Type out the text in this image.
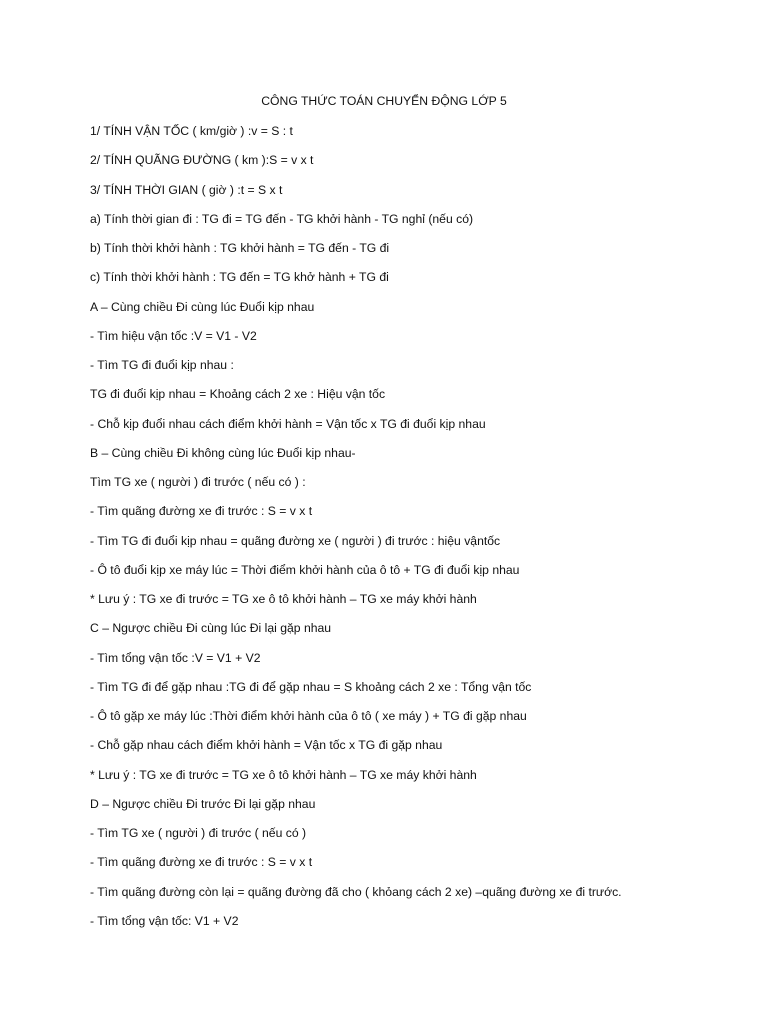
CÔNG THỨC TOÁN CHUYỂN ĐỘNG LỚP 5
1/ TÍNH VẬN TỐC ( km/giờ ) :v = S : t
2/ TÍNH QUÃNG ĐƯỜNG ( km ):S = v x t
3/ TÍNH THỜI GIAN ( giờ ) :t = S x t
a) Tính thời gian đi : TG đi = TG đến - TG khởi hành - TG nghỉ (nếu có)
b) Tính thời khởi hành : TG khởi hành = TG đến - TG đi
c) Tính thời khởi hành : TG đến = TG khở hành + TG đi
A – Cùng chiều Đi cùng lúc Đuổi kịp nhau
- Tìm hiệu vận tốc :V = V1 - V2
- Tìm TG đi đuổi kịp nhau :
TG đi đuổi kịp nhau = Khoảng cách 2 xe : Hiệu vận tốc
- Chỗ kịp đuổi nhau cách điểm khởi hành = Vận tốc x TG đi đuổi kịp nhau
B – Cùng chiều Đi không cùng lúc Đuổi kịp nhau-
Tìm TG xe ( người ) đi trước ( nếu có ) :
- Tìm quãng đường xe đi trước : S = v x t
- Tìm TG đi đuổi kịp nhau = quãng đường xe ( người ) đi trước : hiệu vậntốc
- Ô tô đuổi kịp xe máy lúc = Thời điểm khởi hành của ô tô + TG đi đuổi kịp nhau
* Lưu ý : TG xe đi trước = TG xe ô tô khởi hành – TG xe máy khởi hành
C – Ngược chiều Đi cùng lúc Đi lại gặp nhau
- Tìm tổng vận tốc :V = V1 + V2
- Tìm TG đi để gặp nhau :TG đi để gặp nhau = S khoảng cách 2 xe : Tổng vận tốc
- Ô tô gặp xe máy lúc :Thời điểm khởi hành của ô tô ( xe máy ) + TG đi gặp nhau
- Chỗ gặp nhau cách điểm khởi hành = Vận tốc x TG đi gặp nhau
* Lưu ý : TG xe đi trước = TG xe ô tô khởi hành – TG xe máy khởi hành
D – Ngược chiều Đi trước Đi lại gặp nhau
- Tìm TG xe ( người ) đi trước ( nếu có )
- Tìm quãng đường xe đi trước : S = v x t
- Tìm quãng đường còn lại = quãng đường đã cho ( khỏang cách 2 xe) –quãng đường xe đi trước.
- Tìm tổng vận tốc: V1 + V2
